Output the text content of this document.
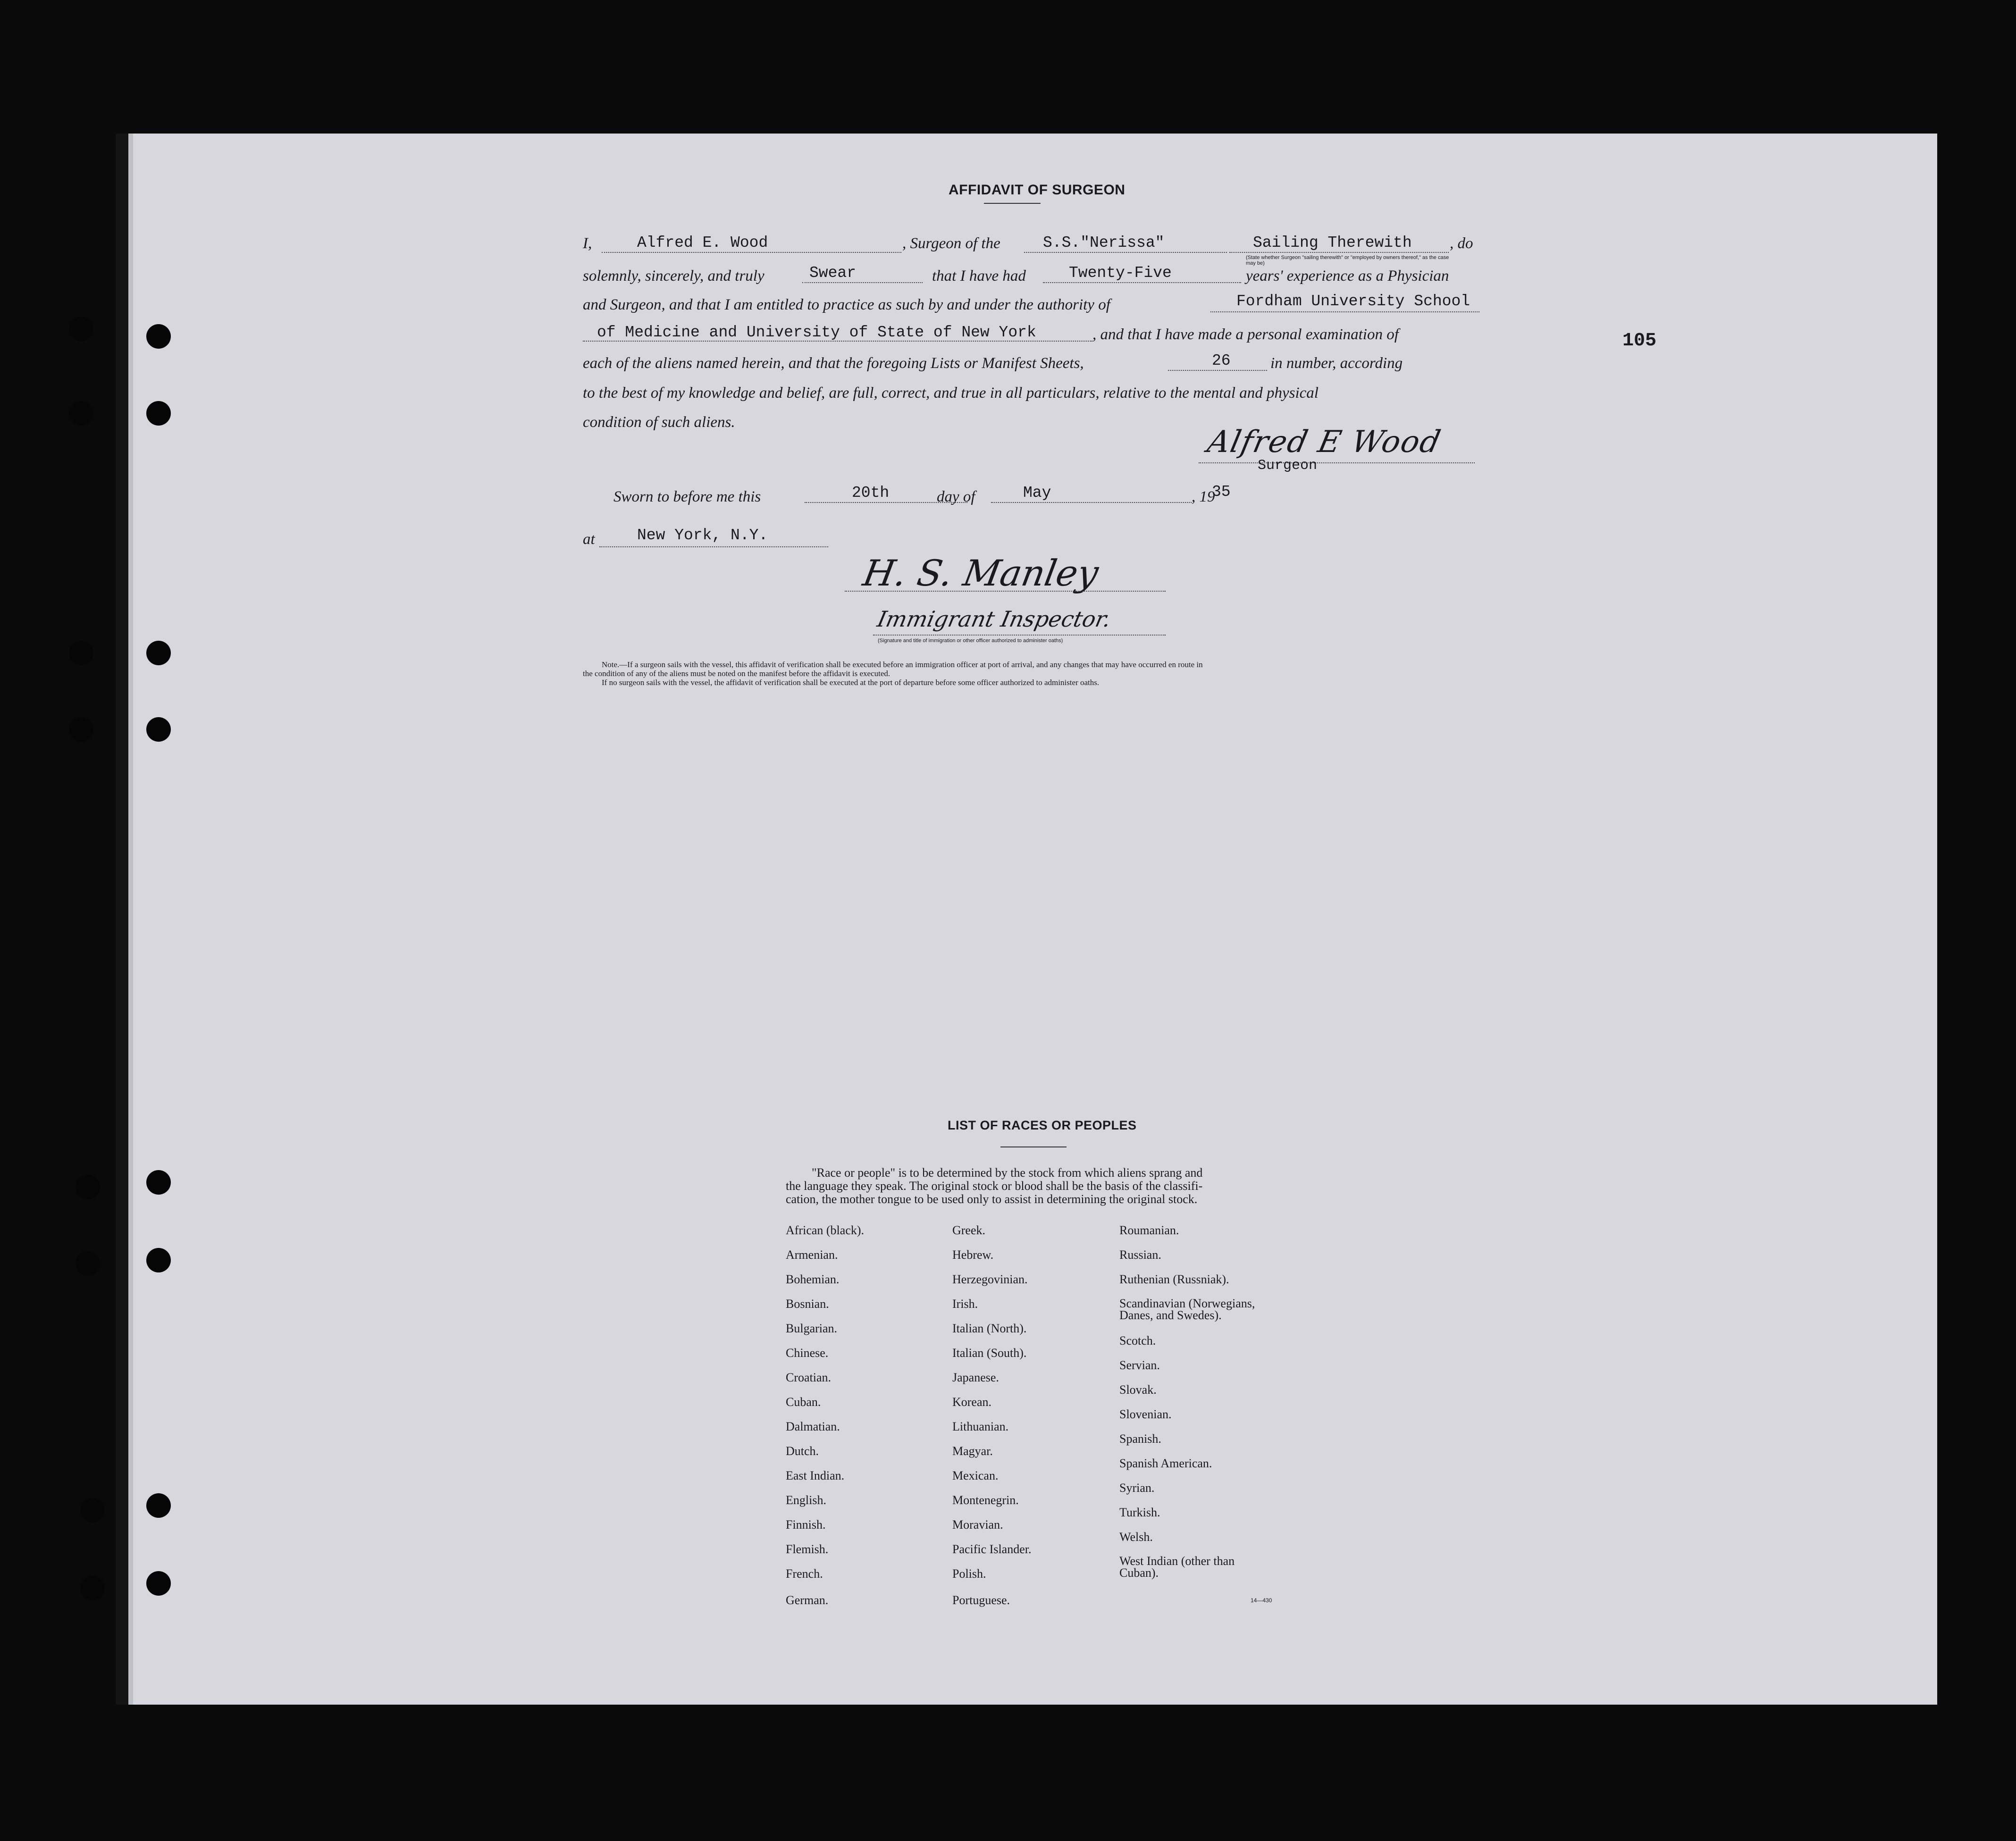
105
AFFIDAVIT OF SURGEON
I,	Alfred E. Wood	, Surgeon of the	S.S."Nerissa"	Sailing Therewith , do
(State whether Surgeon "sailing therewith" or "employed by owners thereof," as the case may be)
solemnly, sincerely, and truly	Swear	that I have had	Twenty-Five	years' experience as a Physician
and Surgeon, and that I am entitled to practice as such by and under the authority of	Fordham University School
of Medicine and University of State of New York	, and that I have made a personal examination of
each of the aliens named herein, and that the foregoing Lists or Manifest Sheets,	26	in number, according
to the best of my knowledge and belief, are full, correct, and true in all particulars, relative to the mental and physical
condition of such aliens.
Alfred E Wood
Surgeon
Sworn to before me this	20th	day of	May	, 19
35
at	New York, N.Y.
H. S. Manley
Immigrant Inspector.
(Signature and title of immigration or other officer authorized to administer oaths)
Note.—If a surgeon sails with the vessel, this affidavit of verification shall be executed before an immigration officer at port of arrival, and any changes that may have occurred en route in
the condition of any of the aliens must be noted on the manifest before the affidavit is executed.
If no surgeon sails with the vessel, the affidavit of verification shall be executed at the port of departure before some officer authorized to administer oaths.
LIST OF RACES OR PEOPLES
"Race or people" is to be determined by the stock from which aliens sprang and
the language they speak. The original stock or blood shall be the basis of the classifi-
cation, the mother tongue to be used only to assist in determining the original stock.
African (black).
Armenian.
Bohemian.
Bosnian.
Bulgarian.
Chinese.
Croatian.
Cuban.
Dalmatian.
Dutch.
East Indian.
English.
Finnish.
Flemish.
French.
German.
Greek.
Hebrew.
Herzegovinian.
Irish.
Italian (North).
Italian (South).
Japanese.
Korean.
Lithuanian.
Magyar.
Mexican.
Montenegrin.
Moravian.
Pacific Islander.
Polish.
Portuguese.
Roumanian.
Russian.
Ruthenian (Russniak).
Scandinavian (Norwegians, Danes, and Swedes).
Scotch.
Servian.
Slovak.
Slovenian.
Spanish.
Spanish American.
Syrian.
Turkish.
Welsh.
West Indian (other than Cuban).
14—430
